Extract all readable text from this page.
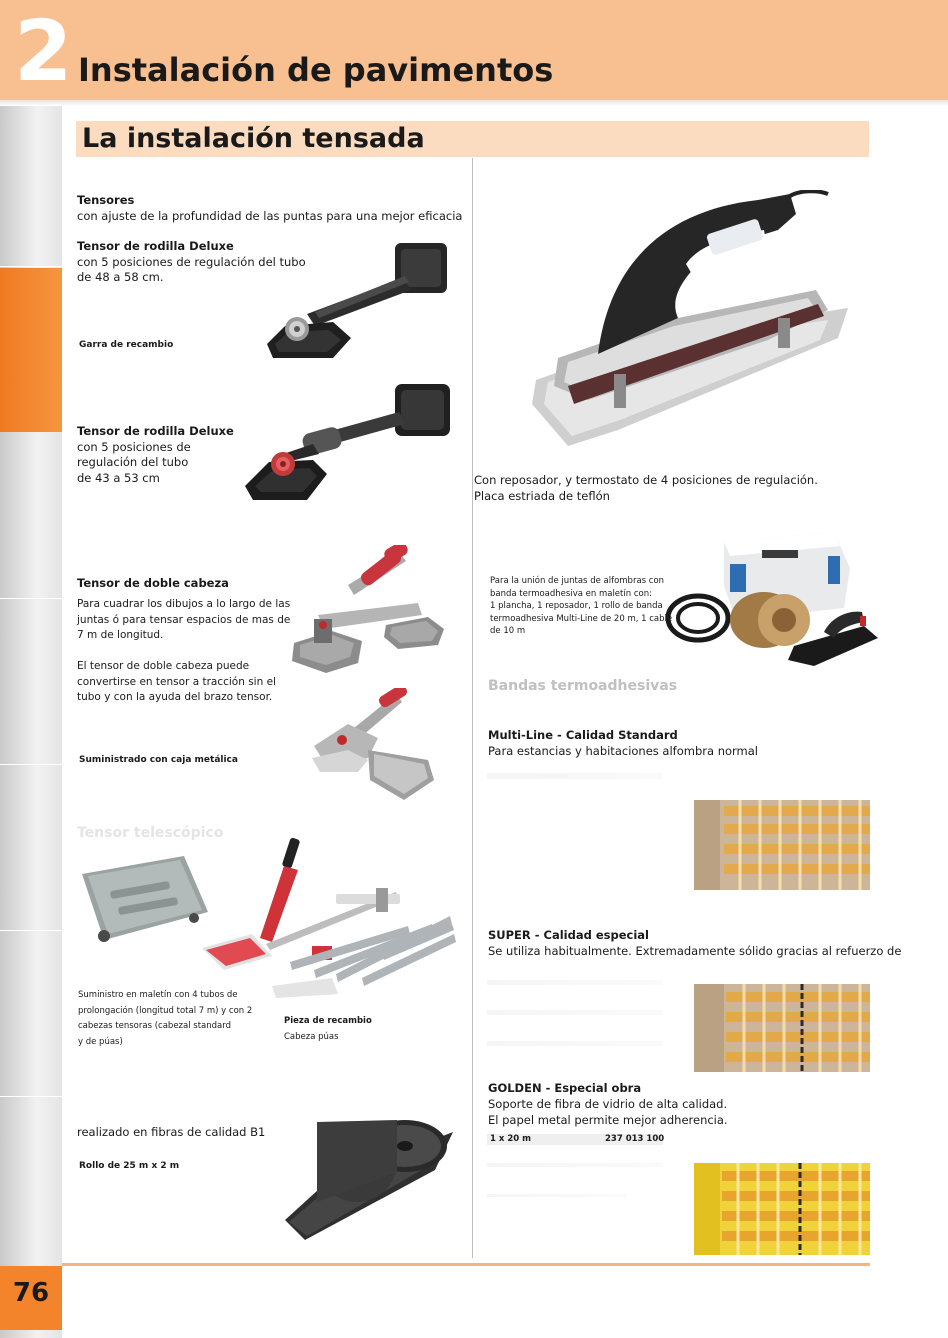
2 Instalación de pavimentos
76
La instalación tensada
Tensores
con ajuste de la profundidad de las puntas para una mejor eficacia
Tensor de rodilla Deluxe
con 5 posiciones de regulación del tubo
de 48 a 58 cm.
Garra de recambio
Tensor de rodilla Deluxe
con 5 posiciones de
regulación del tubo
de 43 a 53 cm
Tensor de doble cabeza
Para cuadrar los dibujos a lo largo de las
juntas ó para tensar espacios de mas de
7 m de longitud.
El tensor de doble cabeza puede
convertirse en tensor a tracción sin el
tubo y con la ayuda del brazo tensor.
Suministrado con caja metálica
Tensor telescópico
Suministro en maletín con 4 tubos de
prolongación (longitud total 7 m) y con 2
cabezas tensoras (cabezal standard
y de púas)
Pieza de recambio
Cabeza púas
realizado en fibras de calidad B1
Rollo de 25 m x 2 m

Con reposador, y termostato de 4 posiciones de regulación.
Placa estriada de teflón
Para la unión de juntas de alfombras con
banda termoadhesiva en maletín con:
1 plancha, 1 reposador, 1 rollo de banda
termoadhesiva Multi-Line de 20 m, 1 cable
de 10 m
Bandas termoadhesivas
Multi-Line - Calidad Standard
Para estancias y habitaciones alfombra normal
SUPER - Calidad especial
Se utiliza habitualmente. Extremadamente sólido gracias al refuerzo de
GOLDEN - Especial obra
Soporte de fibra de vidrio de alta calidad.
El papel metal permite mejor adherencia.
1 x 20 m	237 013 100
